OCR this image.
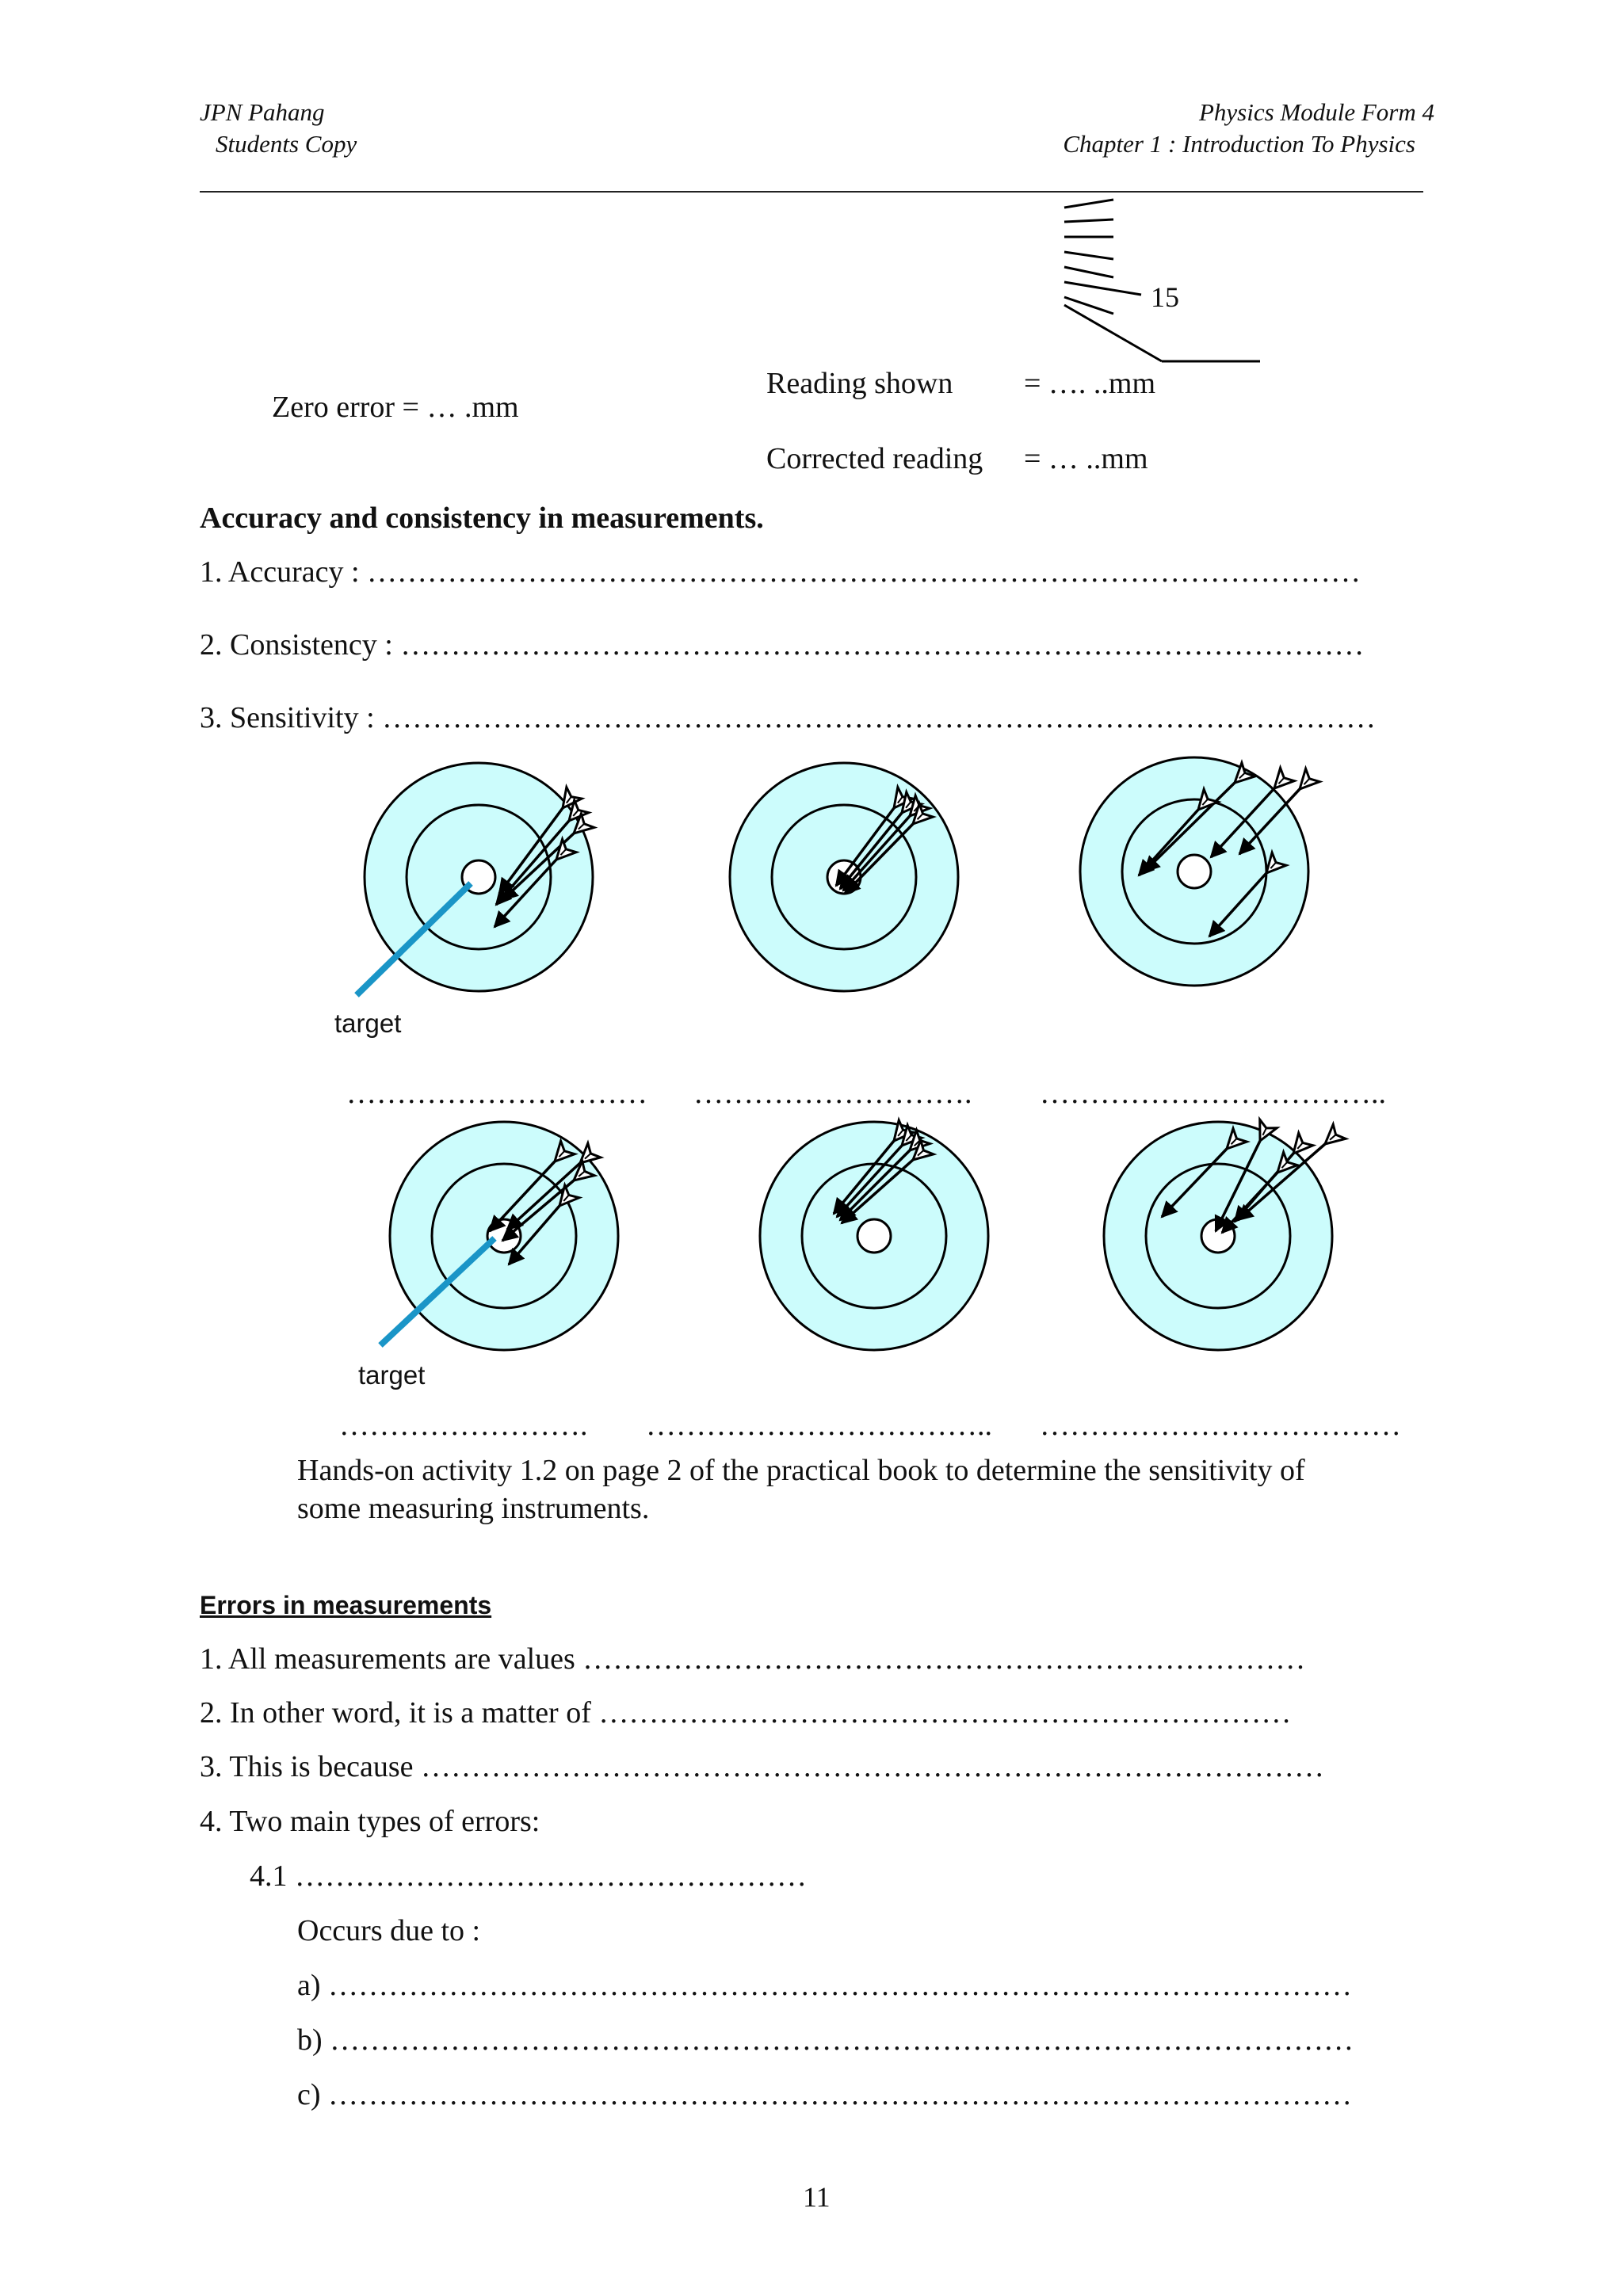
JPN Pahang
Students Copy
Physics Module Form 4
Chapter 1 : Introduction To Physics
15
Zero error = … .mm
Reading shown = …. ..mm
Corrected reading = … ..mm
Accuracy and consistency in measurements.
1. Accuracy : ………………………………………………………………………………………
2. Consistency : ……………………………………………………………………………………
3. Sensitivity : ………………………………………………………………………………………
target
target
………………………… ………………………. ……………………………..
……………………. …………………………….. ………………………………
Hands-on activity 1.2 on page 2 of the practical book to determine the sensitivity of
some measuring instruments.
Errors in measurements
1. All measurements are values ………………………………………………………………
2. In other word, it is a matter of ……………………………………………………………
3. This is because ………………………………………………………………………………
4. Two main types of errors:
4.1 ……………………………………………
Occurs due to :
a) …………………………………………………………………………………………
b) …………………………………………………………………………………………
c) …………………………………………………………………………………………
11
